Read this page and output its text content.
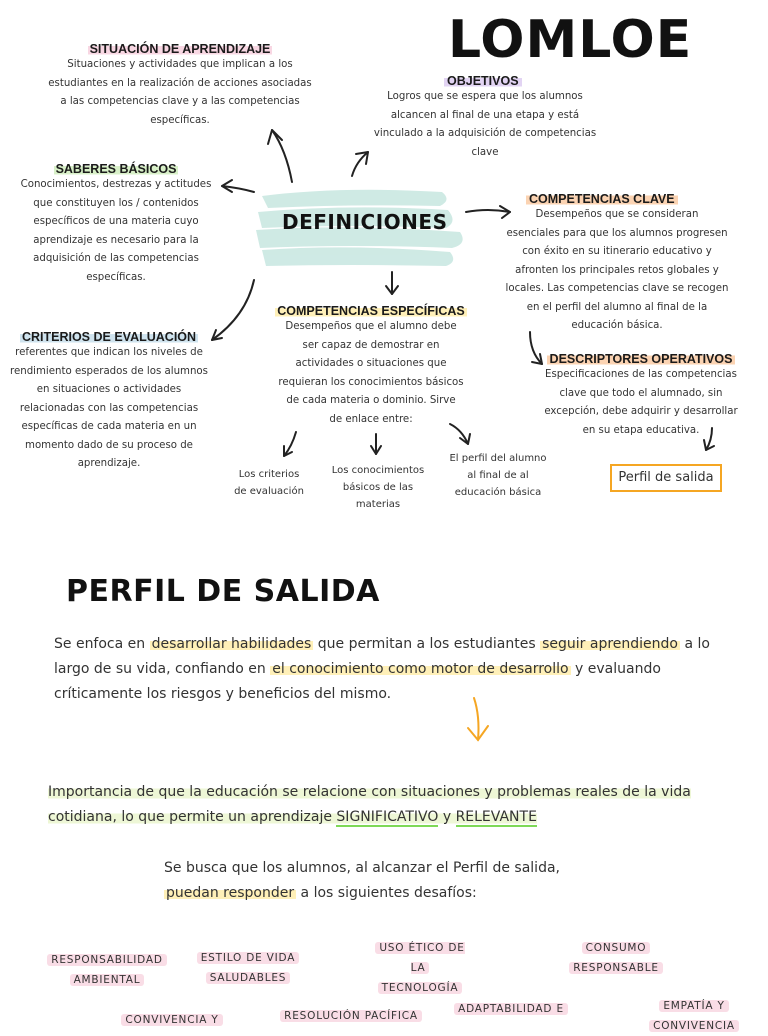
LOMLOE
DEFINICIONES
SITUACIÓN DE APRENDIZAJE
Situaciones y actividades que implican a los
estudiantes en la realización de acciones asociadas
a las competencias clave y a las competencias
específicas.
OBJETIVOS
Logros que se espera que los alumnos
alcancen al final de una etapa y está
vinculado a la adquisición de competencias
clave
SABERES BÁSICOS
Conocimientos, destrezas y actitudes
que constituyen los / contenidos
específicos de una materia cuyo
aprendizaje es necesario para la
adquisición de las competencias
específicas.
COMPETENCIAS CLAVE
Desempeños que se consideran
esenciales para que los alumnos progresen
con éxito en su itinerario educativo y
afronten los principales retos globales y
locales. Las competencias clave se recogen
en el perfil del alumno al final de la
educación básica.
CRITERIOS DE EVALUACIÓN
referentes que indican los niveles de
rendimiento esperados de los alumnos
en situaciones o actividades
relacionadas con las competencias
específicas de cada materia en un
momento dado de su proceso de
aprendizaje.
COMPETENCIAS ESPECÍFICAS
Desempeños que el alumno debe
ser capaz de demostrar en
actividades o situaciones que
requieran los conocimientos básicos
de cada materia o dominio. Sirve
de enlace entre:
Los criterios
de evaluación
Los conocimientos
básicos de las
materias
El perfil del alumno
al final de al
educación básica
DESCRIPTORES OPERATIVOS
Especificaciones de las competencias
clave que todo el alumnado, sin
excepción, debe adquirir y desarrollar
en su etapa educativa.
Perfil de salida
PERFIL DE SALIDA
Se enfoca en desarrollar habilidades que permitan a los estudiantes seguir aprendiendo a lo
largo de su vida, confiando en el conocimiento como motor de desarrollo y evaluando
críticamente los riesgos y beneficios del mismo.
Importancia de que la educación se relacione con situaciones y problemas reales de la vida
cotidiana, lo que permite un aprendizaje SIGNIFICATIVO y RELEVANTE
Se busca que los alumnos, al alcanzar el Perfil de salida,
puedan responder a los siguientes desafíos:
RESPONSABILIDAD
AMBIENTAL
ESTILO DE VIDA
SALUDABLES
USO ÉTICO DE LA
TECNOLOGÍA
CONSUMO
RESPONSABLE
CONVIVENCIA Y	RESOLUCIÓN PACÍFICA
ADAPTABILIDAD E	EMPATÍA Y
CONVIVENCIA
